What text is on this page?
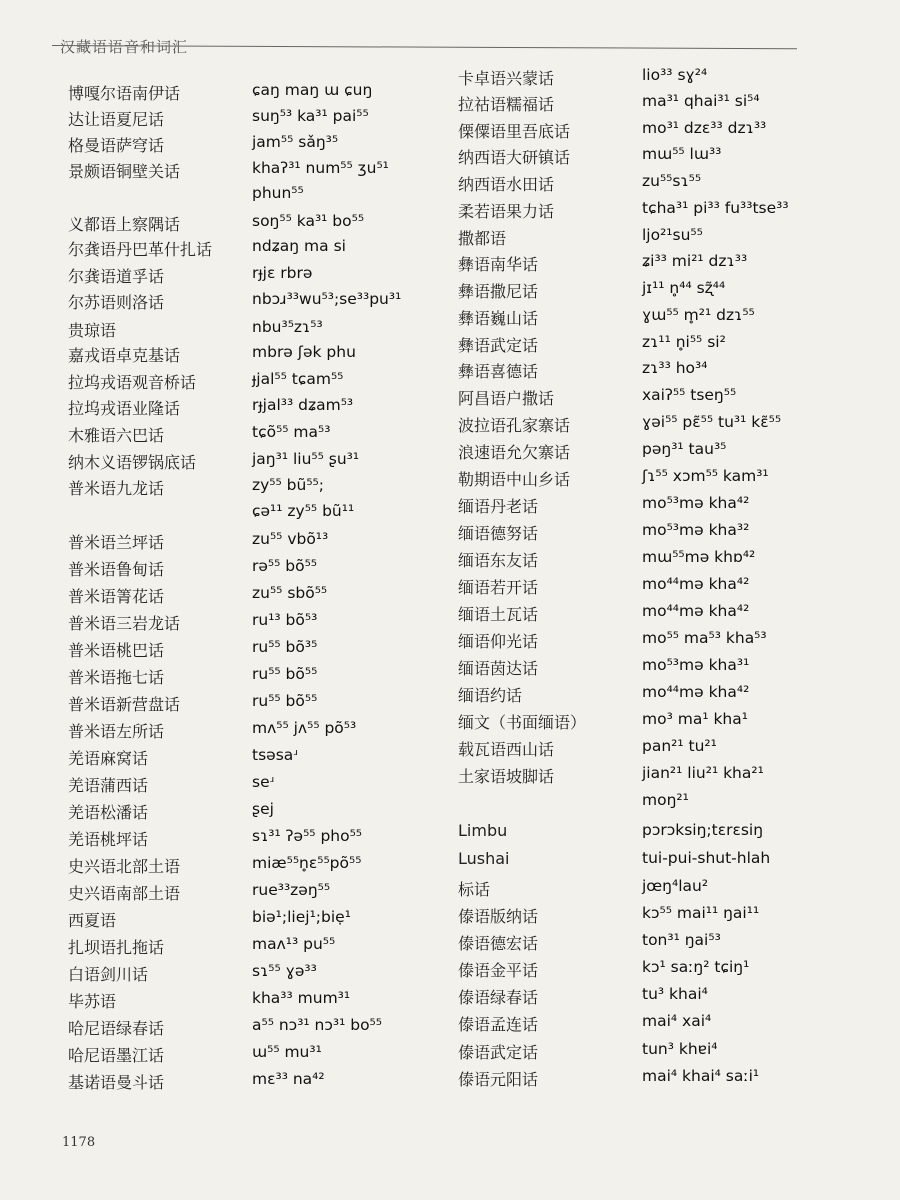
汉藏语语音和词汇
博嘎尔语南伊话	ɕaŋ maŋ ɯ ɕuŋ
达让语夏尼话	suŋ⁵³ ka³¹ pai⁵⁵
格曼语萨穹话	jam⁵⁵ sǎŋ³⁵
景颇语铜壁关话	khaʔ³¹ num⁵⁵ ʒu⁵¹
phun⁵⁵
义都语上察隅话	soŋ⁵⁵ ka³¹ bo⁵⁵
尔龚语丹巴革什扎话	ndʑaŋ ma si
尔龚语道孚话	rɟjɛ rbrə
尔苏语则洛话	nbɔɹ³³wu⁵³;se³³pu³¹
贵琼语	nbu³⁵zɿ⁵³
嘉戎语卓克基话	mbrə ʃək phu
拉坞戎语观音桥话	ɟjal⁵⁵ tɕam⁵⁵
拉坞戎语业隆话	rɟjal³³ dʑam⁵³
木雅语六巴话	tɕõ⁵⁵ ma⁵³
纳木义语锣锅底话	jaŋ³¹ liu⁵⁵ ʂu³¹
普米语九龙话	zy⁵⁵ bũ⁵⁵;
ɕə¹¹ zy⁵⁵ bũ¹¹
普米语兰坪话	zu⁵⁵ vbõ¹³
普米语鲁甸话	rə⁵⁵ bõ⁵⁵
普米语箐花话	zu⁵⁵ sbõ⁵⁵
普米语三岩龙话	ru¹³ bõ⁵³
普米语桃巴话	ru⁵⁵ bõ³⁵
普米语拖七话	ru⁵⁵ bõ⁵⁵
普米语新营盘话	ru⁵⁵ bõ⁵⁵
普米语左所话	mʌ⁵⁵ jʌ⁵⁵ põ⁵³
羌语麻窝话	tsəsaʴ
羌语蒲西话	seʴ
羌语松潘话	ʂej
羌语桃坪话	sɿ³¹ ʔə⁵⁵ pho⁵⁵
史兴语北部土语	miæ⁵⁵n̥ɛ⁵⁵põ⁵⁵
史兴语南部土语	rue³³zəŋ⁵⁵
西夏语	biə¹;liej¹;biẹ¹
扎坝语扎拖话	maʌ¹³ pu⁵⁵
白语剑川话	sɿ⁵⁵ ɣə³³
毕苏语	kha³³ mum³¹
哈尼语绿春话	a⁵⁵ nɔ³¹ nɔ³¹ bo⁵⁵
哈尼语墨江话	ɯ⁵⁵ mu³¹
基诺语曼斗话	mɛ³³ na⁴²
卡卓语兴蒙话	lio³³ sɣ²⁴
拉祜语糯福话	ma³¹ qhai³¹ si⁵⁴
傈僳语里吾底话	mo³¹ dzɛ³³ dzɿ³³
纳西语大研镇话	mɯ⁵⁵ lɯ³³
纳西语水田话	zu⁵⁵sɿ⁵⁵
柔若语果力话	tɕha³¹ pi³³ fu³³tse³³
撒都语	ljo²¹su⁵⁵
彝语南华话	ʑi³³ mi²¹ dzɿ³³
彝语撒尼话	jɪ¹¹ n̥⁴⁴ sʐ̃⁴⁴
彝语巍山话	ɣɯ⁵⁵ m̥²¹ dzɿ⁵⁵
彝语武定话	zɿ¹¹ n̥i⁵⁵ si²
彝语喜德话	zɿ³³ ho³⁴
阿昌语户撒话	xaiʔ⁵⁵ tseŋ⁵⁵
波拉语孔家寨话	ɣəi⁵⁵ pɛ̃⁵⁵ tu³¹ kɛ̃⁵⁵
浪速语允欠寨话	pəŋ³¹ tau³⁵
勒期语中山乡话	ʃɿ⁵⁵ xɔm⁵⁵ kam³¹
缅语丹老话	mo⁵³mə kha⁴²
缅语德努话	mo⁵³mə kha³²
缅语东友话	mɯ⁵⁵mə khɒ⁴²
缅语若开话	mo⁴⁴mə kha⁴²
缅语土瓦话	mo⁴⁴mə kha⁴²
缅语仰光话	mo⁵⁵ ma⁵³ kha⁵³
缅语茵达话	mo⁵³mə kha³¹
缅语约话	mo⁴⁴mə kha⁴²
缅文（书面缅语）	mo³ ma¹ kha¹
载瓦语西山话	pan²¹ tu²¹
土家语坡脚话	jian²¹ liu²¹ kha²¹
moŋ²¹
Limbu	pɔrɔksiŋ;tɛrɛsiŋ
Lushai	tui-pui-shut-hlah
标话	jœŋ⁴lau²
傣语版纳话	kɔ⁵⁵ mai¹¹ ŋai¹¹
傣语德宏话	ton³¹ ŋai⁵³
傣语金平话	kɔ¹ saːŋ² tɕiŋ¹
傣语绿春话	tu³ khai⁴
傣语孟连话	mai⁴ xai⁴
傣语武定话	tun³ khɐi⁴
傣语元阳话	mai⁴ khai⁴ saːi¹
1178
